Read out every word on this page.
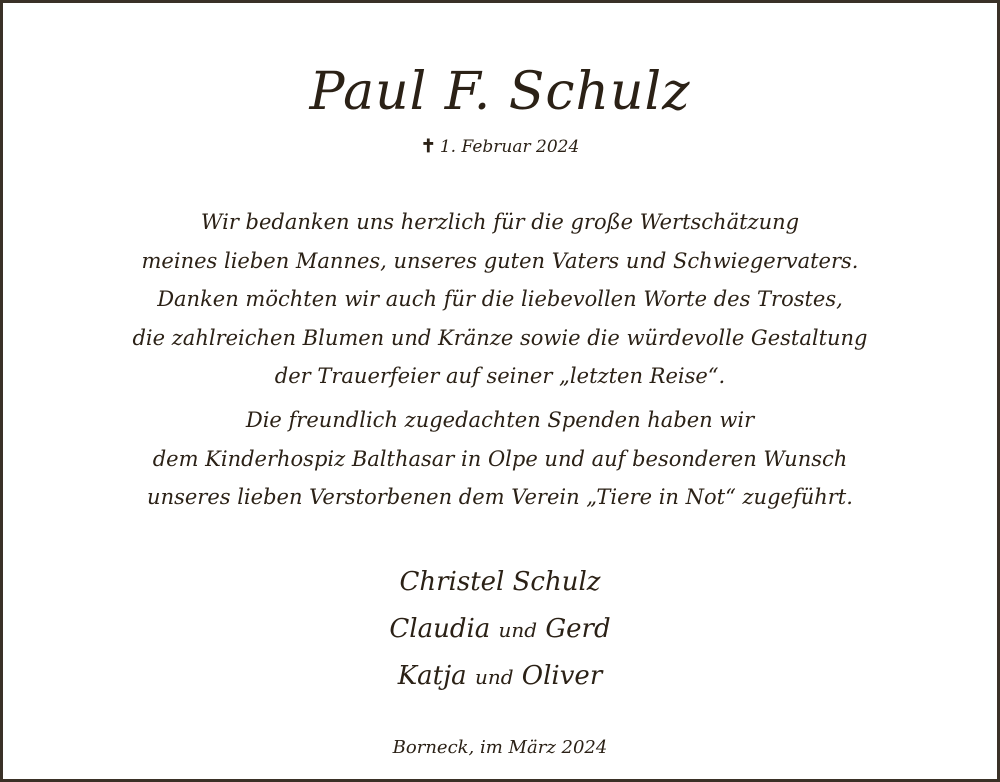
Paul F. Schulz
✝ 1. Februar 2024

Wir bedanken uns herzlich für die große Wertschätzung
meines lieben Mannes, unseres guten Vaters und Schwiegervaters.
Danken möchten wir auch für die liebevollen Worte des Trostes,
die zahlreichen Blumen und Kränze sowie die würdevolle Gestaltung
der Trauerfeier auf seiner „letzten Reise“.

Die freundlich zugedachten Spenden haben wir
dem Kinderhospiz Balthasar in Olpe und auf besonderen Wunsch
unseres lieben Verstorbenen dem Verein „Tiere in Not“ zugeführt.

Christel Schulz
Claudia und Gerd
Katja und Oliver
Borneck, im März 2024
